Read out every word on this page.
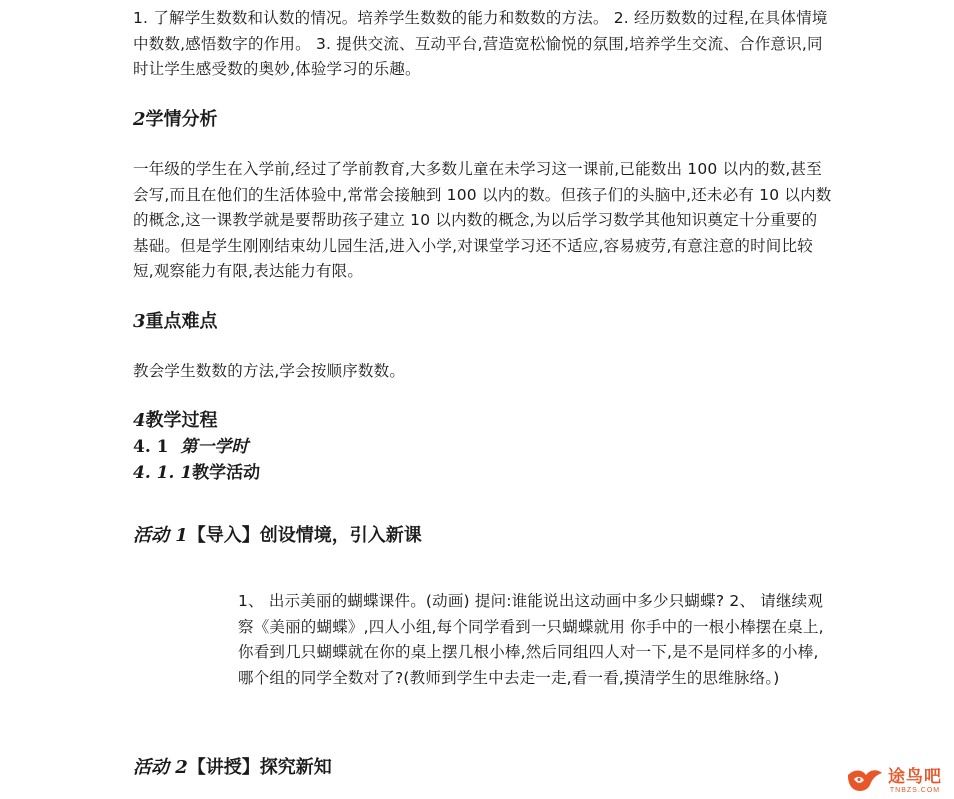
1. 了解学生数数和认数的情况。培养学生数数的能力和数数的方法。 2. 经历数数的过程,在具体情境中数数,感悟数字的作用。 3. 提供交流、互动平台,营造宽松愉悦的氛围,培养学生交流、合作意识,同时让学生感受数的奥妙,体验学习的乐趣。

2学情分析

一年级的学生在入学前,经过了学前教育,大多数儿童在未学习这一课前,已能数出 100 以内的数,甚至会写,而且在他们的生活体验中,常常会接触到 100 以内的数。但孩子们的头脑中,还未必有 10 以内数的概念,这一课教学就是要帮助孩子建立 10 以内数的概念,为以后学习数学其他知识奠定十分重要的基础。但是学生刚刚结束幼儿园生活,进入小学,对课堂学习还不适应,容易疲劳,有意注意的时间比较短,观察能力有限,表达能力有限。

3重点难点

教会学生数数的方法,学会按顺序数数。

4教学过程
4. 1 第一学时
4. 1. 1教学活动
活动 1【导入】创设情境，引入新课

1、 出示美丽的蝴蝶课件。(动画) 提问:谁能说出这动画中多少只蝴蝶? 2、 请继续观察《美丽的蝴蝶》,四人小组,每个同学看到一只蝴蝶就用 你手中的一根小棒摆在桌上,你看到几只蝴蝶就在你的桌上摆几根小棒,然后同组四人对一下,是不是同样多的小棒,哪个组的同学全数对了?(教师到学生中去走一走,看一看,摸清学生的思维脉络。)

活动 2【讲授】探究新知	途鸟吧
TNBZS.COM
